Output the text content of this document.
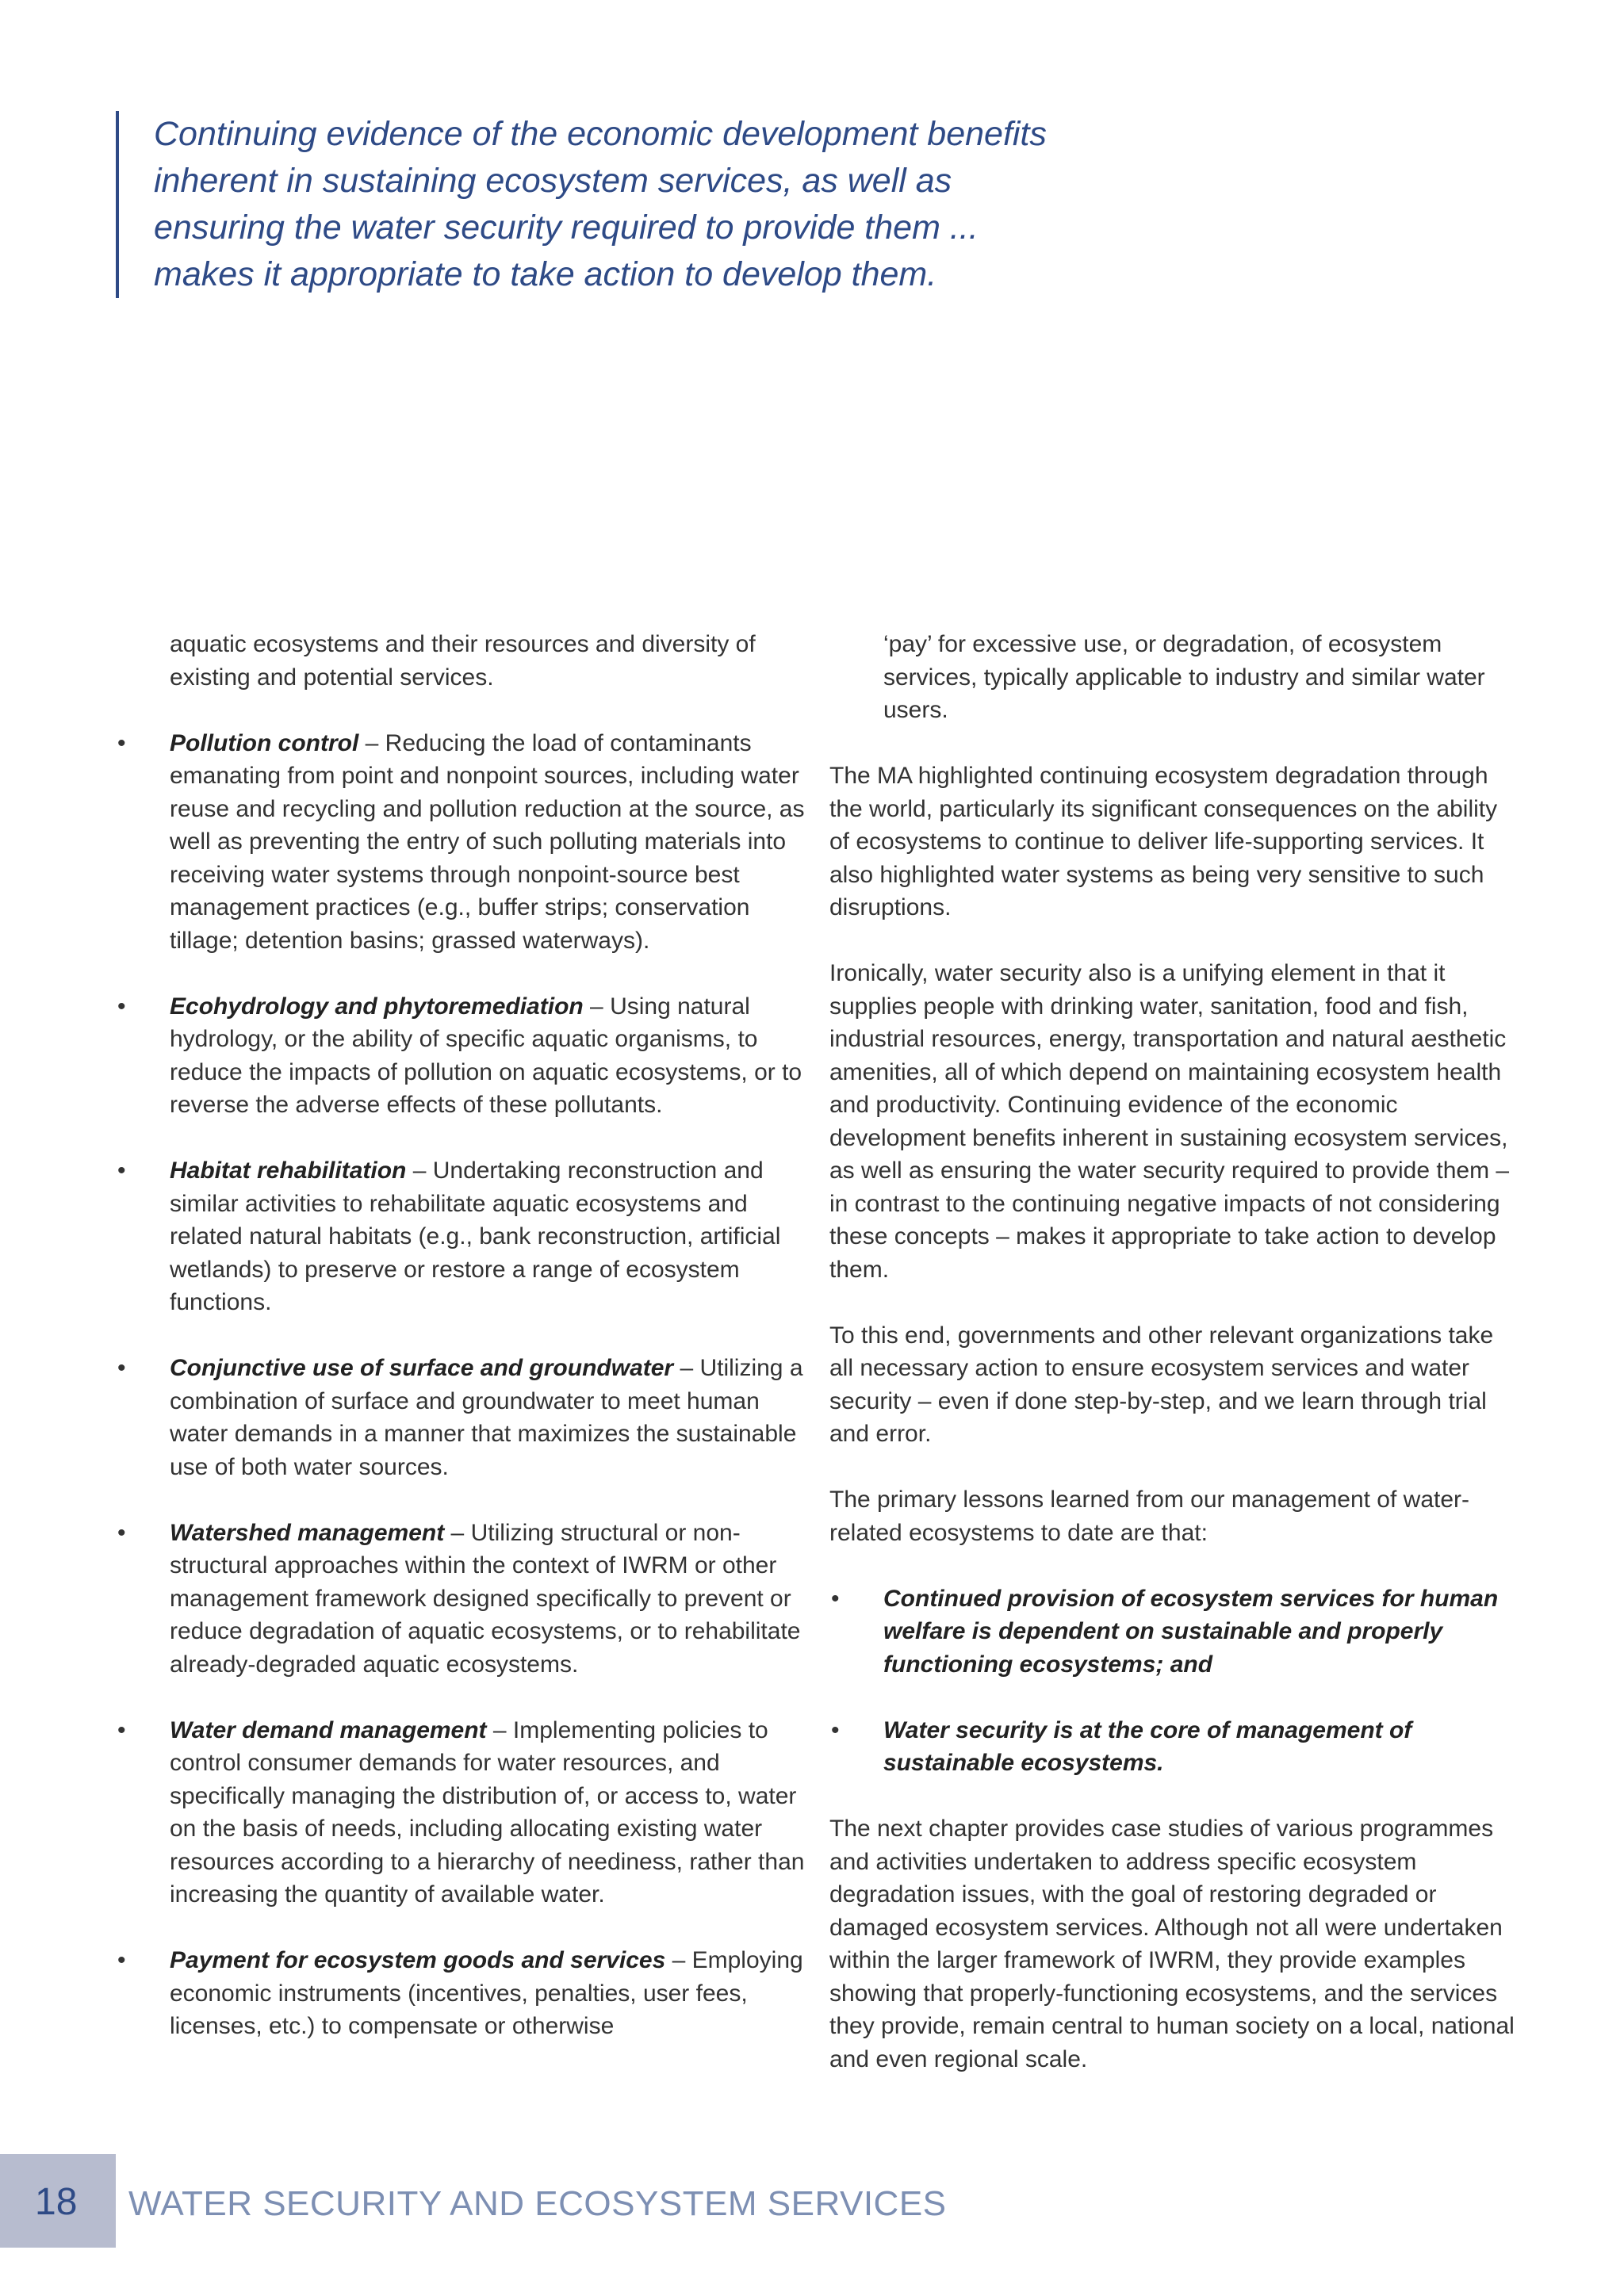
Continuing evidence of the economic development benefits
inherent in sustaining ecosystem services, as well as
ensuring the water security required to provide them ...
makes it appropriate to take action to develop them.

aquatic ecosystems and their resources and diversity of existing and potential services.

• Pollution control – Reducing the load of contaminants emanating from point and nonpoint sources, including water reuse and recycling and pollution reduction at the source, as well as preventing the entry of such polluting materials into receiving water systems through nonpoint-source best management practices (e.g., buffer strips; conservation tillage; detention basins; grassed waterways).
• Ecohydrology and phytoremediation – Using natural hydrology, or the ability of specific aquatic organisms, to reduce the impacts of pollution on aquatic ecosystems, or to reverse the adverse effects of these pollutants.
• Habitat rehabilitation – Undertaking reconstruction and similar activities to rehabilitate aquatic ecosystems and related natural habitats (e.g., bank reconstruction, artificial wetlands) to preserve or restore a range of ecosystem functions.
• Conjunctive use of surface and groundwater – Utilizing a combination of surface and groundwater to meet human water demands in a manner that maximizes the sustainable use of both water sources.
• Watershed management – Utilizing structural or non-structural approaches within the context of IWRM or other management framework designed specifically to prevent or reduce degradation of aquatic ecosystems, or to rehabilitate already-degraded aquatic ecosystems.
• Water demand management – Implementing policies to control consumer demands for water resources, and specifically managing the distribution of, or access to, water on the basis of needs, including allocating existing water resources according to a hierarchy of neediness, rather than increasing the quantity of available water.
• Payment for ecosystem goods and services – Employing economic instruments (incentives, penalties, user fees, licenses, etc.) to compensate or otherwise

‘pay’ for excessive use, or degradation, of ecosystem services, typically applicable to industry and similar water users.

The MA highlighted continuing ecosystem degradation through the world, particularly its significant consequences on the ability of ecosystems to continue to deliver life-supporting services. It also highlighted water systems as being very sensitive to such disruptions.

Ironically, water security also is a unifying element in that it supplies people with drinking water, sanitation, food and fish, industrial resources, energy, transportation and natural aesthetic amenities, all of which depend on maintaining ecosystem health and productivity. Continuing evidence of the economic development benefits inherent in sustaining ecosystem services, as well as ensuring the water security required to provide them – in contrast to the continuing negative impacts of not considering these concepts – makes it appropriate to take action to develop them.

To this end, governments and other relevant organizations take all necessary action to ensure ecosystem services and water security – even if done step-by-step, and we learn through trial and error.

The primary lessons learned from our management of water-related ecosystems to date are that:

• Continued provision of ecosystem services for human welfare is dependent on sustainable and properly functioning ecosystems; and
• Water security is at the core of management of sustainable ecosystems.

The next chapter provides case studies of various programmes and activities undertaken to address specific ecosystem degradation issues, with the goal of restoring degraded or damaged ecosystem services. Although not all were undertaken within the larger framework of IWRM, they provide examples showing that properly-functioning ecosystems, and the services they provide, remain central to human society on a local, national and even regional scale.

18 WATER SECURITY AND ECOSYSTEM SERVICES
